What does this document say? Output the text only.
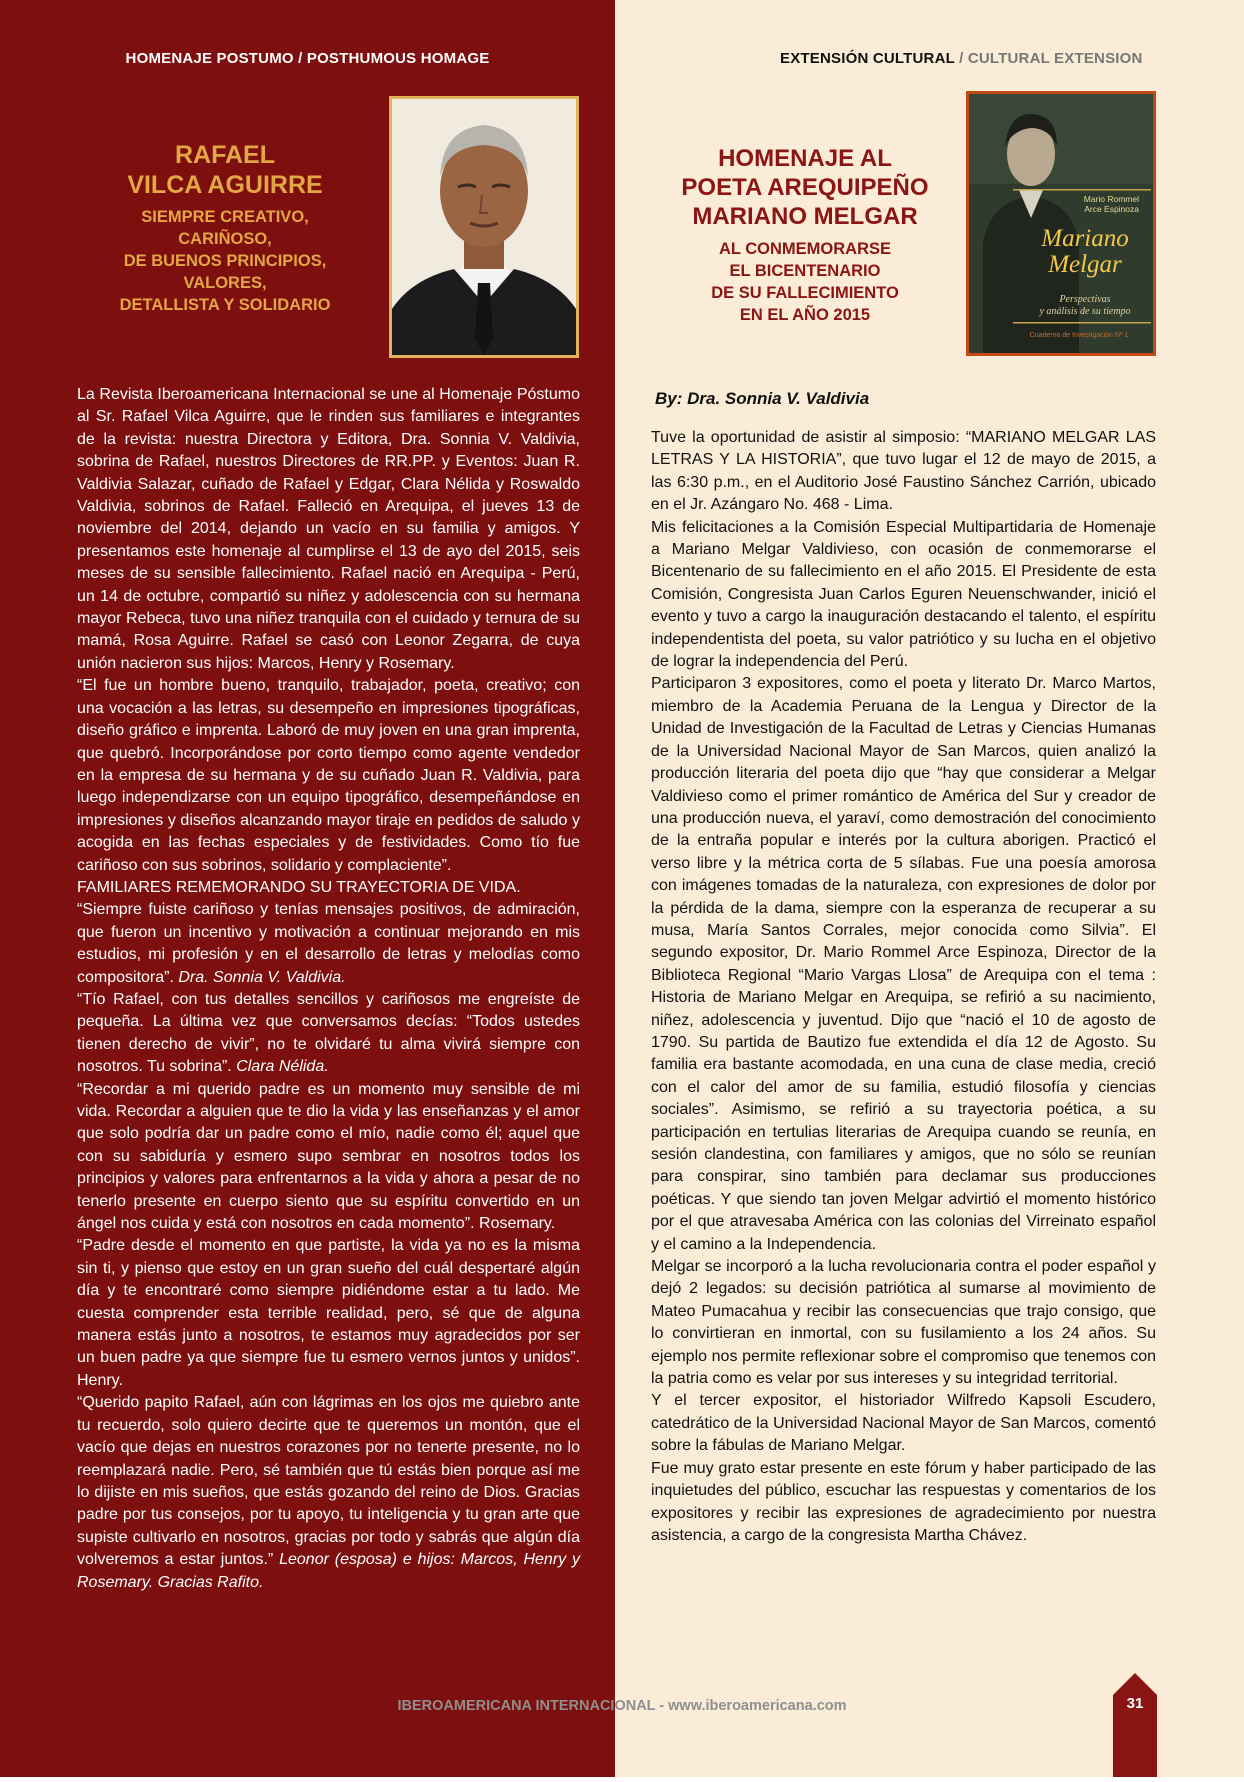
HOMENAJE POSTUMO / POSTHUMOUS HOMAGE	EXTENSIÓN CULTURAL / CULTURAL EXTENSION
RAFAEL
VILCA AGUIRRE
SIEMPRE CREATIVO,
CARIÑOSO,
DE BUENOS PRINCIPIOS,
VALORES,
DETALLISTA Y SOLIDARIO
HOMENAJE AL
POETA AREQUIPEÑO
MARIANO MELGAR
AL CONMEMORARSE
EL BICENTENARIO
DE SU FALLECIMIENTO
EN EL AÑO 2015
Mario Rommel
Arce Espinoza
Mariano
Melgar
Perspectivas
y análisis de su tiempo
Cuaderno de Investigación Nº 1

La Revista Iberoamericana Internacional se une al Homenaje Póstumo al Sr. Rafael Vilca Aguirre, que le rinden sus familiares e integrantes de la revista: nuestra Directora y Editora, Dra. Sonnia V. Valdivia, sobrina de Rafael, nuestros Directores de RR.PP. y Eventos: Juan R. Valdivia Salazar, cuñado de Rafael y Edgar, Clara Nélida y Roswaldo Valdivia, sobrinos de Rafael. Falleció en Arequipa, el jueves 13 de noviembre del 2014, dejando un vacío en su familia y amigos. Y presentamos este homenaje al cumplirse el 13 de ayo del 2015, seis meses de su sensible fallecimiento. Rafael nació en Arequipa - Perú, un 14 de octubre, compartió su niñez y adolescencia con su hermana mayor Rebeca, tuvo una niñez tranquila con el cuidado y ternura de su mamá, Rosa Aguirre. Rafael se casó con Leonor Zegarra, de cuya unión nacieron sus hijos: Marcos, Henry y Rosemary.

“El fue un hombre bueno, tranquilo, trabajador, poeta, creativo; con una vocación a las letras, su desempeño en impresiones tipográficas, diseño gráfico e imprenta. Laboró de muy joven en una gran imprenta, que quebró. Incorporándose por corto tiempo como agente vendedor en la empresa de su hermana y de su cuñado Juan R. Valdivia, para luego independizarse con un equipo tipográfico, desempeñándose en impresiones y diseños alcanzando mayor tiraje en pedidos de saludo y acogida en las fechas especiales y de festividades. Como tío fue cariñoso con sus sobrinos, solidario y complaciente”.

FAMILIARES REMEMORANDO SU TRAYECTORIA DE VIDA.

“Siempre fuiste cariñoso y tenías mensajes positivos, de admiración, que fueron un incentivo y motivación a continuar mejorando en mis estudios, mi profesión y en el desarrollo de letras y melodías como compositora”. Dra. Sonnia V. Valdivia.

“Tío Rafael, con tus detalles sencillos y cariñosos me engreíste de pequeña. La última vez que conversamos decías: “Todos ustedes tienen derecho de vivir”, no te olvidaré tu alma vivirá siempre con nosotros. Tu sobrina”. Clara Nélida.

“Recordar a mi querido padre es un momento muy sensible de mi vida. Recordar a alguien que te dio la vida y las enseñanzas y el amor que solo podría dar un padre como el mío, nadie como él; aquel que con su sabiduría y esmero supo sembrar en nosotros todos los principios y valores para enfrentarnos a la vida y ahora a pesar de no tenerlo presente en cuerpo siento que su espíritu convertido en un ángel nos cuida y está con nosotros en cada momento”. Rosemary.

“Padre desde el momento en que partiste, la vida ya no es la misma sin ti, y pienso que estoy en un gran sueño del cuál despertaré algún día y te encontraré como siempre pidiéndome estar a tu lado. Me cuesta comprender esta terrible realidad, pero, sé que de alguna manera estás junto a nosotros, te estamos muy agradecidos por ser un buen padre ya que siempre fue tu esmero vernos juntos y unidos”. Henry.

“Querido papito Rafael, aún con lágrimas en los ojos me quiebro ante tu recuerdo, solo quiero decirte que te queremos un montón, que el vacío que dejas en nuestros corazones por no tenerte presente, no lo reemplazará nadie. Pero, sé también que tú estás bien porque así me lo dijiste en mis sueños, que estás gozando del reino de Dios. Gracias padre por tus consejos, por tu apoyo, tu inteligencia y tu gran arte que supiste cultivarlo en nosotros, gracias por todo y sabrás que algún día volveremos a estar juntos.” Leonor (esposa) e hijos: Marcos, Henry y Rosemary. Gracias Rafito.

By: Dra. Sonnia V. Valdivia

Tuve la oportunidad de asistir al simposio: “MARIANO MELGAR LAS LETRAS Y LA HISTORIA”, que tuvo lugar el 12 de mayo de 2015, a las 6:30 p.m., en el Auditorio José Faustino Sánchez Carrión, ubicado en el Jr. Azángaro No. 468 - Lima.

Mis felicitaciones a la Comisión Especial Multipartidaria de Homenaje a Mariano Melgar Valdivieso, con ocasión de conmemorarse el Bicentenario de su fallecimiento en el año 2015. El Presidente de esta Comisión, Congresista Juan Carlos Eguren Neuenschwander, inició el evento y tuvo a cargo la inauguración destacando el talento, el espíritu independentista del poeta, su valor patriótico y su lucha en el objetivo de lograr la independencia del Perú.

Participaron 3 expositores, como el poeta y literato Dr. Marco Martos, miembro de la Academia Peruana de la Lengua y Director de la Unidad de Investigación de la Facultad de Letras y Ciencias Humanas de la Universidad Nacional Mayor de San Marcos, quien analizó la producción literaria del poeta dijo que “hay que considerar a Melgar Valdivieso como el primer romántico de América del Sur y creador de una producción nueva, el yaraví, como demostración del conocimiento de la entraña popular e interés por la cultura aborigen. Practicó el verso libre y la métrica corta de 5 sílabas. Fue una poesía amorosa con imágenes tomadas de la naturaleza, con expresiones de dolor por la pérdida de la dama, siempre con la esperanza de recuperar a su musa, María Santos Corrales, mejor conocida como Silvia”. El segundo expositor, Dr. Mario Rommel Arce Espinoza, Director de la Biblioteca Regional “Mario Vargas Llosa” de Arequipa con el tema : Historia de Mariano Melgar en Arequipa, se refirió a su nacimiento, niñez, adolescencia y juventud. Dijo que “nació el 10 de agosto de 1790. Su partida de Bautizo fue extendida el día 12 de Agosto. Su familia era bastante acomodada, en una cuna de clase media, creció con el calor del amor de su familia, estudió filosofía y ciencias sociales”. Asimismo, se refirió a su trayectoria poética, a su participación en tertulias literarias de Arequipa cuando se reunía, en sesión clandestina, con familiares y amigos, que no sólo se reunían para conspirar, sino también para declamar sus producciones poéticas. Y que siendo tan joven Melgar advirtió el momento histórico por el que atravesaba América con las colonias del Virreinato español y el camino a la Independencia.

Melgar se incorporó a la lucha revolucionaria contra el poder español y dejó 2 legados: su decisión patriótica al sumarse al movimiento de Mateo Pumacahua y recibir las consecuencias que trajo consigo, que lo convirtieran en inmortal, con su fusilamiento a los 24 años. Su ejemplo nos permite reflexionar sobre el compromiso que tenemos con la patria como es velar por sus intereses y su integridad territorial.

Y el tercer expositor, el historiador Wilfredo Kapsoli Escudero, catedrático de la Universidad Nacional Mayor de San Marcos, comentó sobre la fábulas de Mariano Melgar.

Fue muy grato estar presente en este fórum y haber participado de las inquietudes del público, escuchar las respuestas y comentarios de los expositores y recibir las expresiones de agradecimiento por nuestra asistencia, a cargo de la congresista Martha Chávez.

IBEROAMERICANA INTERNACIONAL - www.iberoamericana.com	31
